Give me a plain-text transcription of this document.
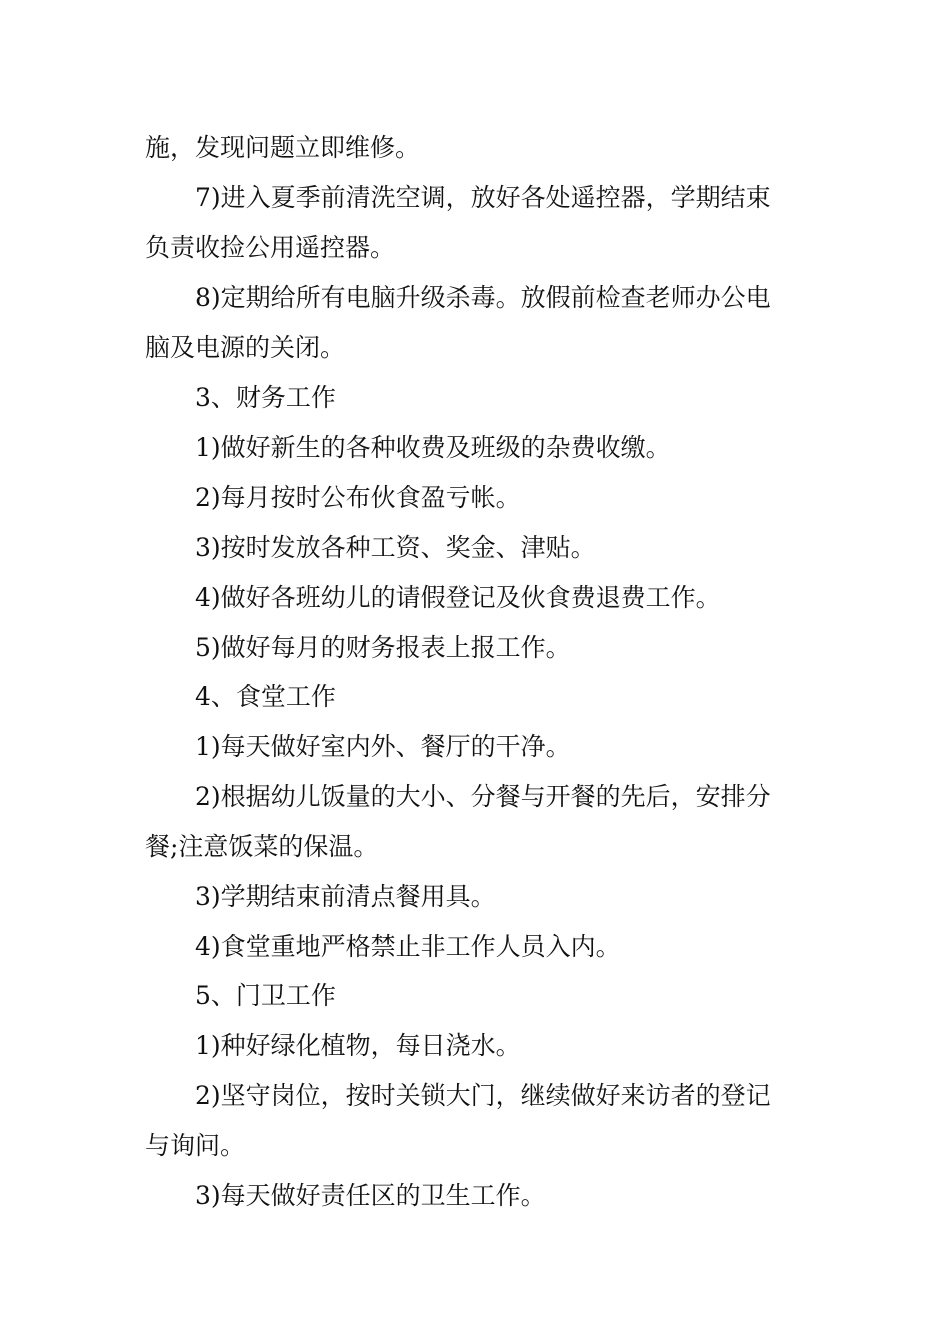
施，发现问题立即维修。
7)进入夏季前清洗空调，放好各处遥控器，学期结束
负责收捡公用遥控器。
8)定期给所有电脑升级杀毒。放假前检查老师办公电
脑及电源的关闭。
3、财务工作
1)做好新生的各种收费及班级的杂费收缴。
2)每月按时公布伙食盈亏帐。
3)按时发放各种工资、奖金、津贴。
4)做好各班幼儿的请假登记及伙食费退费工作。
5)做好每月的财务报表上报工作。
4、食堂工作
1)每天做好室内外、餐厅的干净。
2)根据幼儿饭量的大小、分餐与开餐的先后，安排分
餐;注意饭菜的保温。
3)学期结束前清点餐用具。
4)食堂重地严格禁止非工作人员入内。
5、门卫工作
1)种好绿化植物，每日浇水。
2)坚守岗位，按时关锁大门，继续做好来访者的登记
与询问。
3)每天做好责任区的卫生工作。
